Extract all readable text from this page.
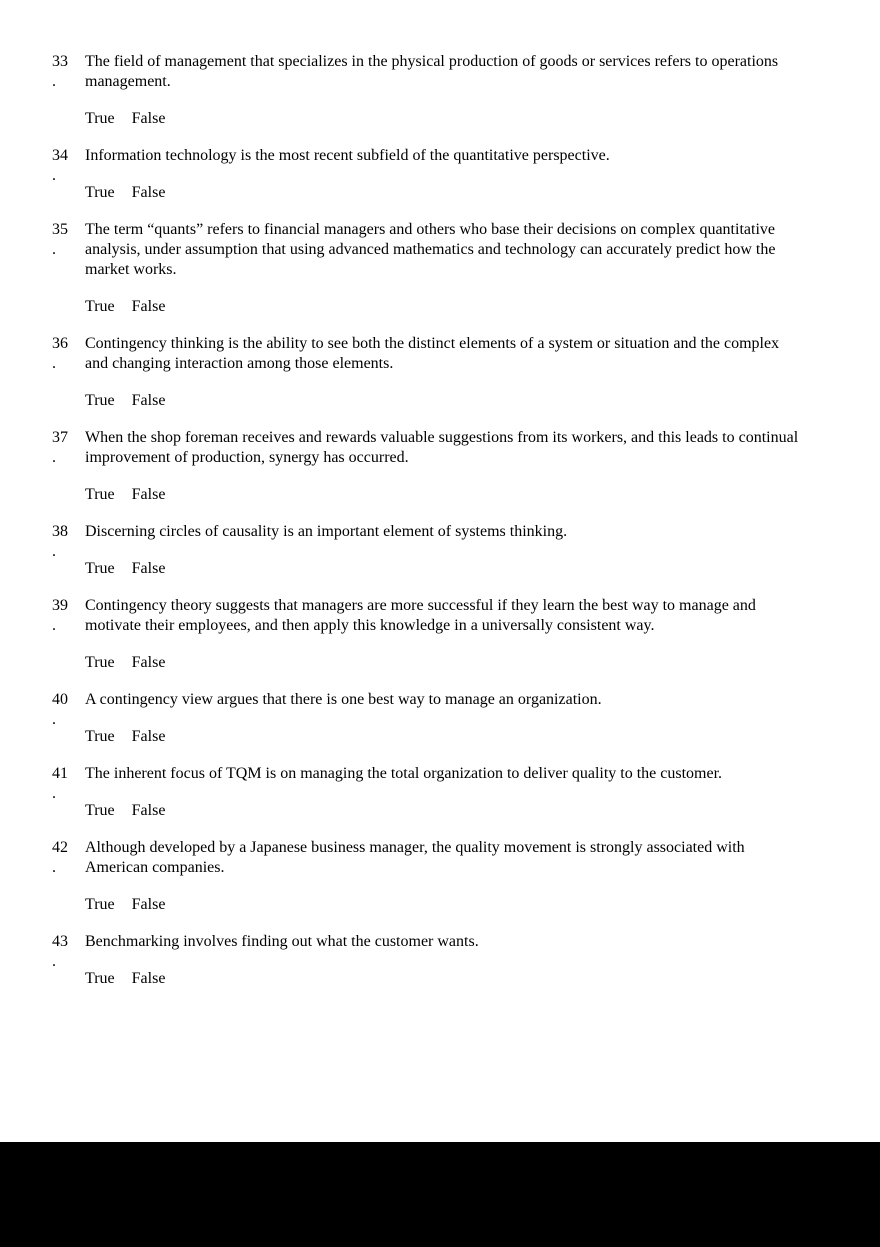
33
.

The field of management that specializes in the physical production of goods or services refers to operations management.

True False
34
.

Information technology is the most recent subfield of the quantitative perspective.

True False
35
.

The term “quants” refers to financial managers and others who base their decisions on complex quantitative analysis, under assumption that using advanced mathematics and technology can accurately predict how the market works.

True False
36
.

Contingency thinking is the ability to see both the distinct elements of a system or situation and the complex and changing interaction among those elements.

True False
37
.

When the shop foreman receives and rewards valuable suggestions from its workers, and this leads to continual improvement of production, synergy has occurred.

True False
38
.

Discerning circles of causality is an important element of systems thinking.

True False
39
.

Contingency theory suggests that managers are more successful if they learn the best way to manage and motivate their employees, and then apply this knowledge in a universally consistent way.

True False
40
.

A contingency view argues that there is one best way to manage an organization.

True False
41
.

The inherent focus of TQM is on managing the total organization to deliver quality to the customer.

True False
42
.

Although developed by a Japanese business manager, the quality movement is strongly associated with American companies.

True False
43
.

Benchmarking involves finding out what the customer wants.

True False
